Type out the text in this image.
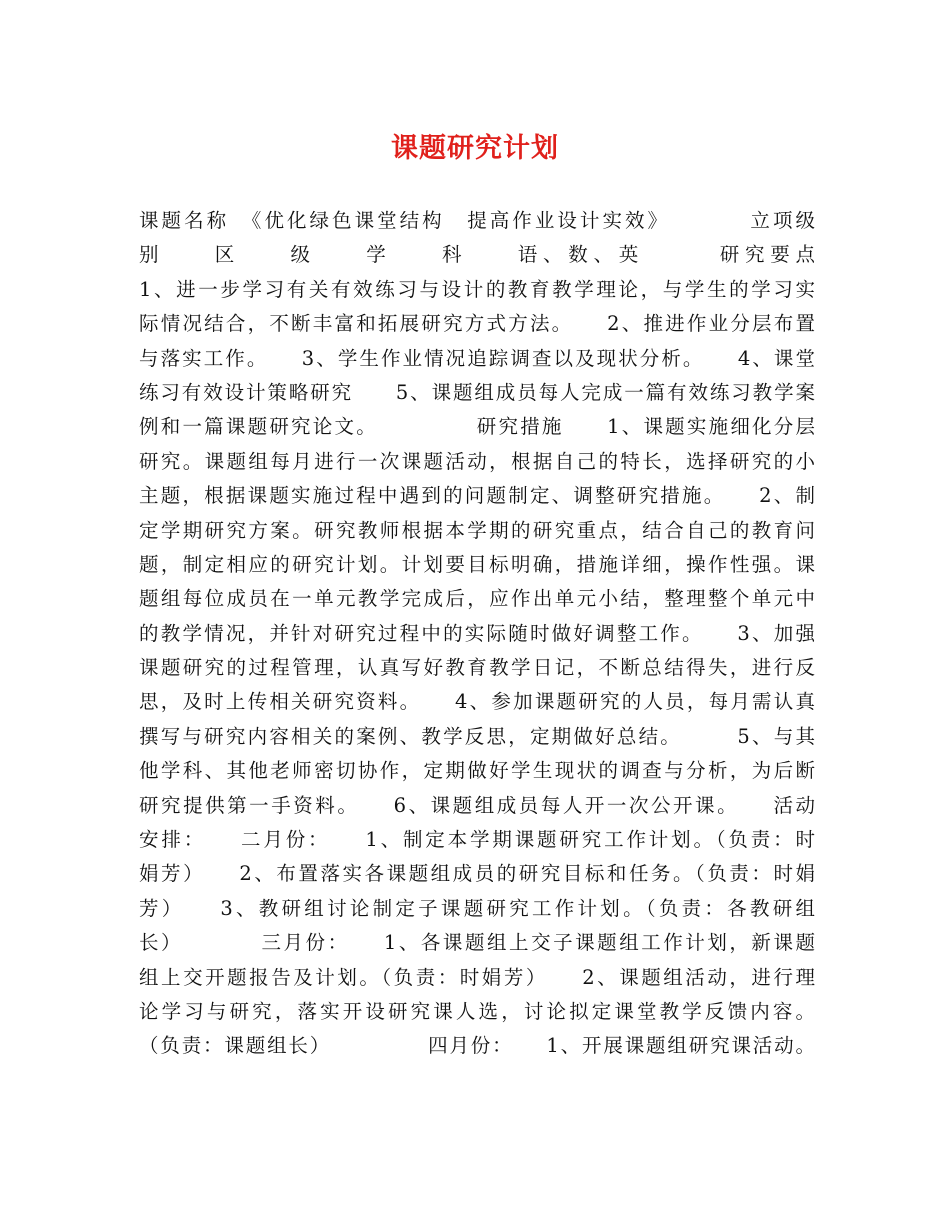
课题研究计划
课题名称　《优化绿色课堂结构　提高作业设计实效》　　　　立项级
别　　区　　级　　学　　科　　语、数、英　　　研究要点
1、进一步学习有关有效练习与设计的教育教学理论，与学生的学习实
际情况结合，不断丰富和拓展研究方式方法。　　2、推进作业分层布置
与落实工作。　　3、学生作业情况追踪调查以及现状分析。　　4、课堂
练习有效设计策略研究　　5、课题组成员每人完成一篇有效练习教学案
例和一篇课题研究论文。　　　　　研究措施　　1、课题实施细化分层
研究。课题组每月进行一次课题活动，根据自己的特长，选择研究的小
主题，根据课题实施过程中遇到的问题制定、调整研究措施。　　2、制
定学期研究方案。研究教师根据本学期的研究重点，结合自己的教育问
题，制定相应的研究计划。计划要目标明确，措施详细，操作性强。课
题组每位成员在一单元教学完成后，应作出单元小结，整理整个单元中
的教学情况，并针对研究过程中的实际随时做好调整工作。　　3、加强
课题研究的过程管理，认真写好教育教学日记，不断总结得失，进行反
思，及时上传相关研究资料。　　4、参加课题研究的人员，每月需认真
撰写与研究内容相关的案例、教学反思，定期做好总结。　　　5、与其
他学科、其他老师密切协作，定期做好学生现状的调查与分析，为后断
研究提供第一手资料。　　6、课题组成员每人开一次公开课。　　活动
安排：　　二月份：　　1、制定本学期课题研究工作计划。（负责：时
娟芳）　　2、布置落实各课题组成员的研究目标和任务。（负责：时娟
芳）　　3、教研组讨论制定子课题研究工作计划。（负责：各教研组
长）　　　　三月份：　　1、各课题组上交子课题组工作计划，新课题
组上交开题报告及计划。（负责：时娟芳）　　2、课题组活动，进行理
论学习与研究，落实开设研究课人选，讨论拟定课堂教学反馈内容。
（负责：课题组长）　　　　　四月份：　　1、开展课题组研究课活动。
